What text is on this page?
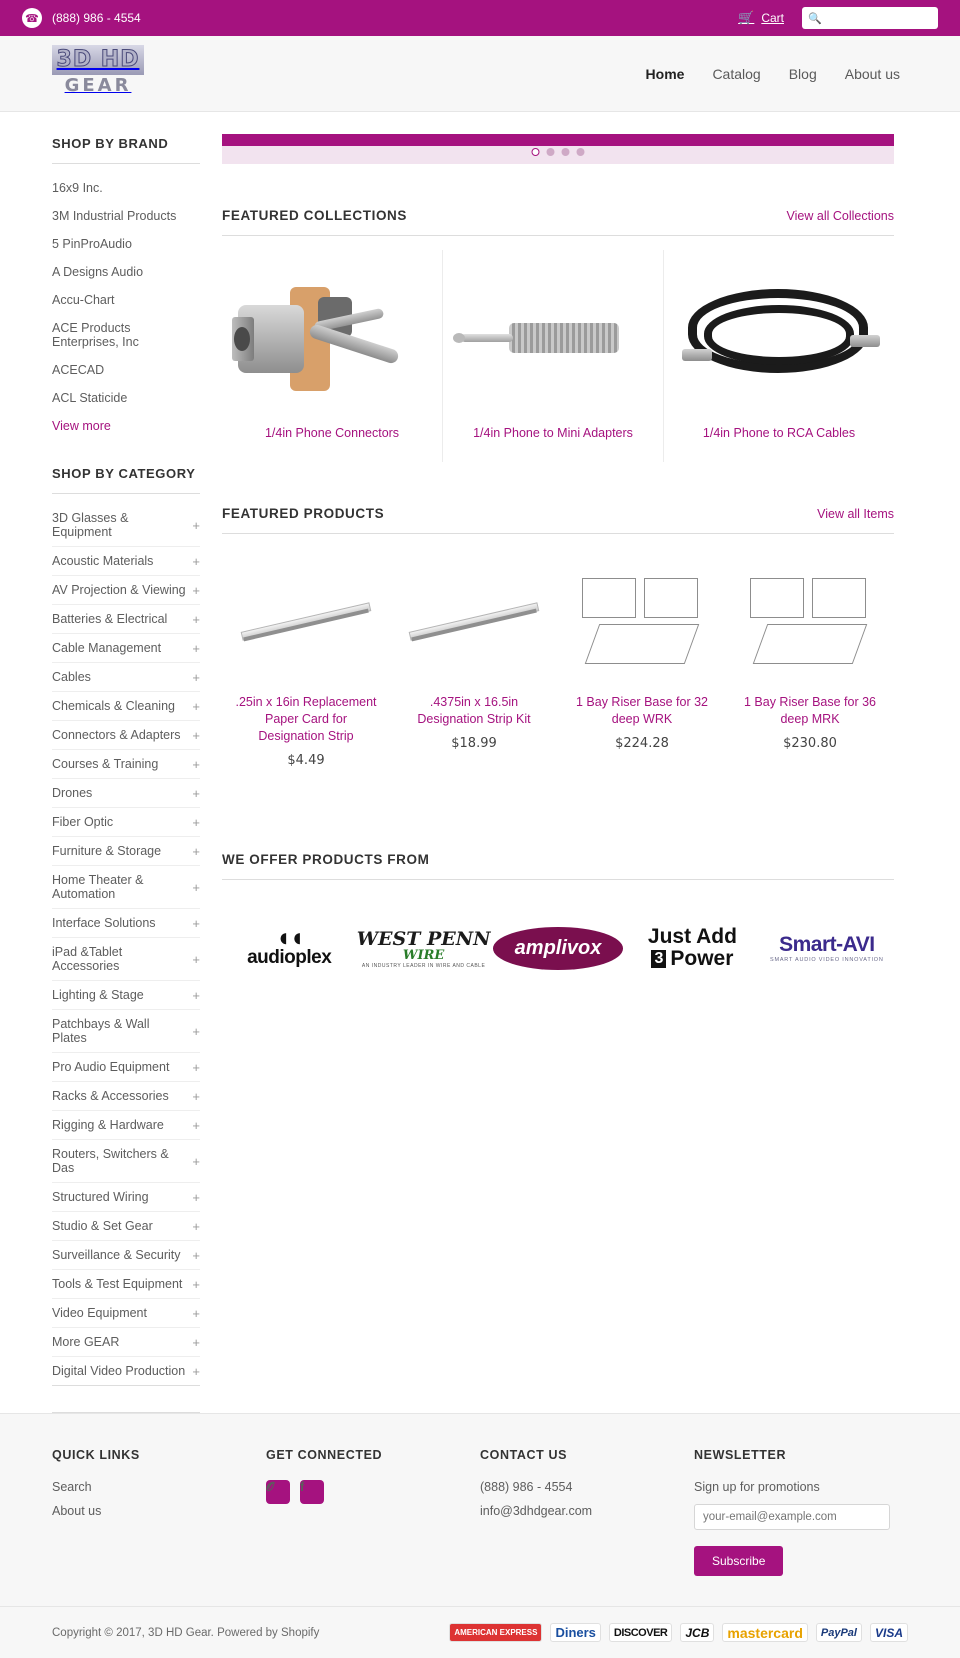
☎ (888) 986 - 4554	🛒 Cart 🔍
3D HD
GEAR
Home Catalog Blog About us
SHOP BY BRAND
16x9 Inc.
3M Industrial Products
5 PinProAudio
A Designs Audio
Accu-Chart
ACE Products Enterprises, Inc
ACECAD
ACL Staticide
View more
SHOP BY CATEGORY
3D Glasses & Equipment	+
Acoustic Materials	+
AV Projection & Viewing +
Batteries & Electrical	+
Cable Management	+
Cables	+
Chemicals & Cleaning	+
Connectors & Adapters +
Courses & Training	+
Drones	+
Fiber Optic	+
Furniture & Storage	+
Home Theater & Automation	+
Interface Solutions	+
iPad &Tablet Accessories	+
Lighting & Stage	+
Patchbays & Wall Plates	+
Pro Audio Equipment	+
Racks & Accessories	+
Rigging & Hardware	+
Routers, Switchers & Das	+
Structured Wiring	+
Studio & Set Gear	+
Surveillance & Security +
Tools & Test Equipment +
Video Equipment	+
More GEAR	+
Digital Video Production +
FEATURED COLLECTIONS	View all Collections
1/4in Phone Connectors	1/4in Phone to Mini Adapters	1/4in Phone to RCA Cables
FEATURED PRODUCTS	View all Items
.25in x 16in Replacement Paper Card for Designation Strip
$4.49
.4375in x 16.5in Designation Strip Kit
$18.99
1 Bay Riser Base for 32 deep WRK
$224.28
1 Bay Riser Base for 36 deep MRK
$230.80
WE OFFER PRODUCTS FROM
◖◖
audioplex
WEST PENN
WIRE
AN INDUSTRY LEADER IN WIRE AND CABLE
amplivox	Just Add
3 Power
Smart-AVI
SMART AUDIO VIDEO INNOVATION
QUICK LINKS
Search
About us
GET CONNECTED
𝒪	f
CONTACT US

(888) 986 - 4554

info@3dhdgear.com

NEWSLETTER

Sign up for promotions

your-email@example.com Subscribe
Copyright © 2017, 3D HD Gear. Powered by Shopify	AMERICAN EXPRESS	Diners	DISCOVER	JCB	mastercard	PayPal	VISA
